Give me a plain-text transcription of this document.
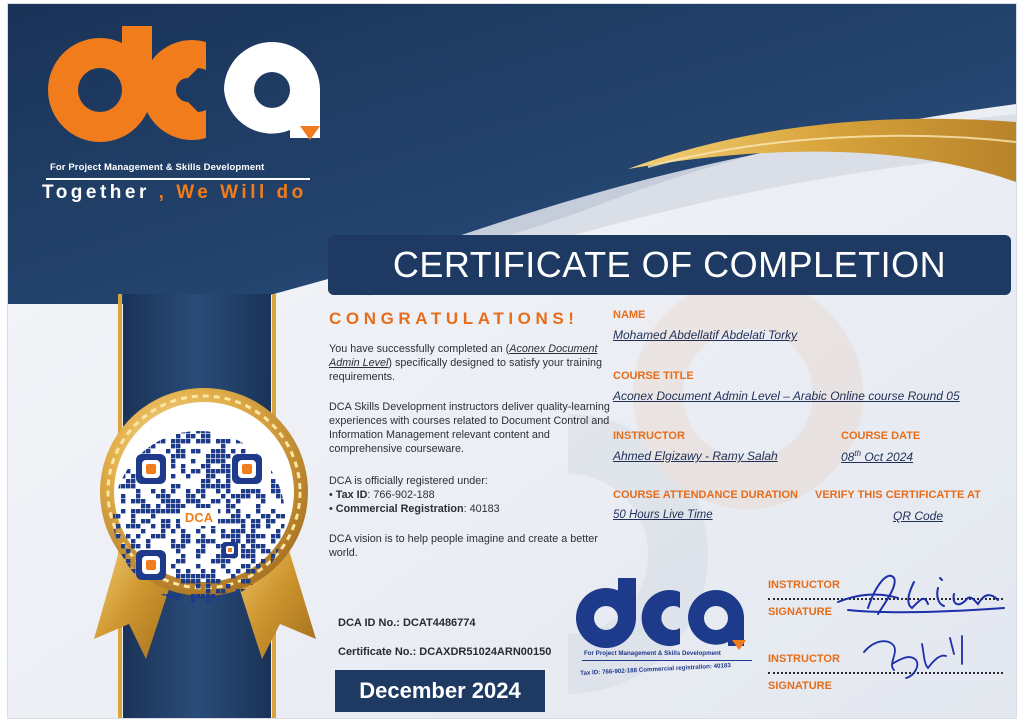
For Project Management & Skills Development
Together , We Will do
CERTIFICATE OF COMPLETION
CONGRATULATIONS!
You have successfully completed an (Aconex Document Admin Level) specifically designed to satisfy your training requirements.
DCA Skills Development instructors deliver quality-learning experiences with courses related to Document Control and Information Management relevant content and comprehensive courseware.
DCA is officially registered under:
• Tax ID: 766-902-188
• Commercial Registration: 40183
DCA vision is to help people imagine and create a better world.
NAME
Mohamed Abdellatif Abdelati Torky
COURSE TITLE
Aconex Document Admin Level – Arabic Online course Round 05
INSTRUCTOR
Ahmed Elgizawy - Ramy Salah
COURSE DATE
08th Oct 2024
COURSE ATTENDANCE DURATION
50 Hours Live Time
VERIFY THIS CERTIFICATTE AT
QR Code
DCA ID No.: DCAT4486774
Certificate No.: DCAXDR51024ARN00150
December 2024
For Project Management & Skills Development
Tax ID: 766-902-188 Commercial registration: 40183
INSTRUCTOR
SIGNATURE
INSTRUCTOR
SIGNATURE
DCA
